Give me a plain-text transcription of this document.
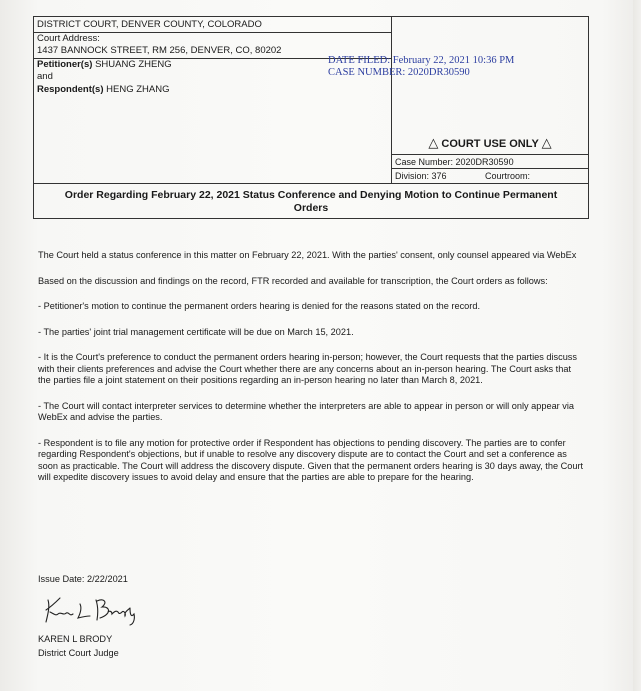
DISTRICT COURT, DENVER COUNTY, COLORADO
Court Address:
1437 BANNOCK STREET, RM 256, DENVER, CO, 80202
Petitioner(s) SHUANG ZHENG
and
Respondent(s) HENG ZHANG
DATE FILED: February 22, 2021 10:36 PM
CASE NUMBER: 2020DR30590
△ COURT USE ONLY △
Case Number: 2020DR30590
Division: 376	Courtroom:
Order Regarding February 22, 2021 Status Conference and Denying Motion to Continue Permanent Orders

The Court held a status conference in this matter on February 22, 2021. With the parties' consent, only counsel appeared via WebEx

Based on the discussion and findings on the record, FTR recorded and available for transcription, the Court orders as follows:

- Petitioner's motion to continue the permanent orders hearing is denied for the reasons stated on the record.

- The parties' joint trial management certificate will be due on March 15, 2021.

- It is the Court's preference to conduct the permanent orders hearing in-person; however, the Court requests that the parties discuss with their clients preferences and advise the Court whether there are any concerns about an in-person hearing. The Court asks that the parties file a joint statement on their positions regarding an in-person hearing no later than March 8, 2021.

- The Court will contact interpreter services to determine whether the interpreters are able to appear in person or will only appear via WebEx and advise the parties.

- Respondent is to file any motion for protective order if Respondent has objections to pending discovery. The parties are to confer regarding Respondent's objections, but if unable to resolve any discovery dispute are to contact the Court and set a conference as soon as practicable. The Court will address the discovery dispute. Given that the permanent orders hearing is 30 days away, the Court will expedite discovery issues to avoid delay and ensure that the parties are able to prepare for the hearing.

Issue Date: 2/22/2021
KAREN L BRODY
District Court Judge
